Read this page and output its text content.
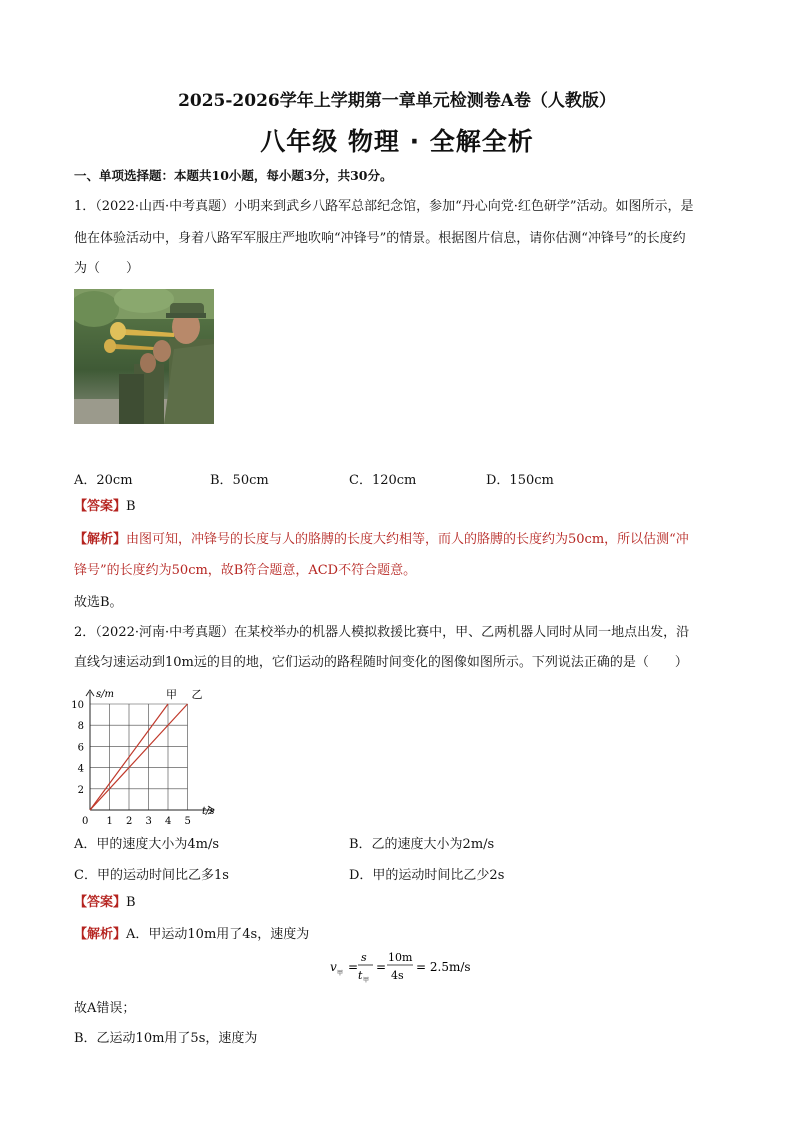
2025-2026学年上学期第一章单元检测卷A卷（人教版）
八年级 物理 · 全解全析
一、单项选择题：本题共10小题，每小题3分，共30分。
1．（2022·山西·中考真题）小明来到武乡八路军总部纪念馆，参加“丹心向党·红色研学”活动。如图所示，是
他在体验活动中，身着八路军军服庄严地吹响“冲锋号”的情景。根据图片信息，请你估测“冲锋号”的长度约
为（　　）
A．20cm	B．50cm	C．120cm	D．150cm
【答案】B
【解析】由图可知，冲锋号的长度与人的胳膊的长度大约相等，而人的胳膊的长度约为50cm，所以估测“冲
锋号”的长度约为50cm，故B符合题意，ACD不符合题意。
故选B。
2．（2022·河南·中考真题）在某校举办的机器人模拟救援比赛中，甲、乙两机器人同时从同一地点出发，沿
直线匀速运动到10m远的目的地，它们运动的路程随时间变化的图像如图所示。下列说法正确的是（　　）
甲 乙
0 1 2 3 4 5
2
4
6
8
10
s/m
t/s
A．甲的速度大小为4m/s	B．乙的速度大小为2m/s
C．甲的运动时间比乙多1s	D．甲的运动时间比乙少2s
【答案】B
【解析】A．甲运动10m用了4s，速度为
v 甲 =
s
t 甲
=
10m
4s
= 2.5m/s
故A错误；
B．乙运动10m用了5s，速度为
